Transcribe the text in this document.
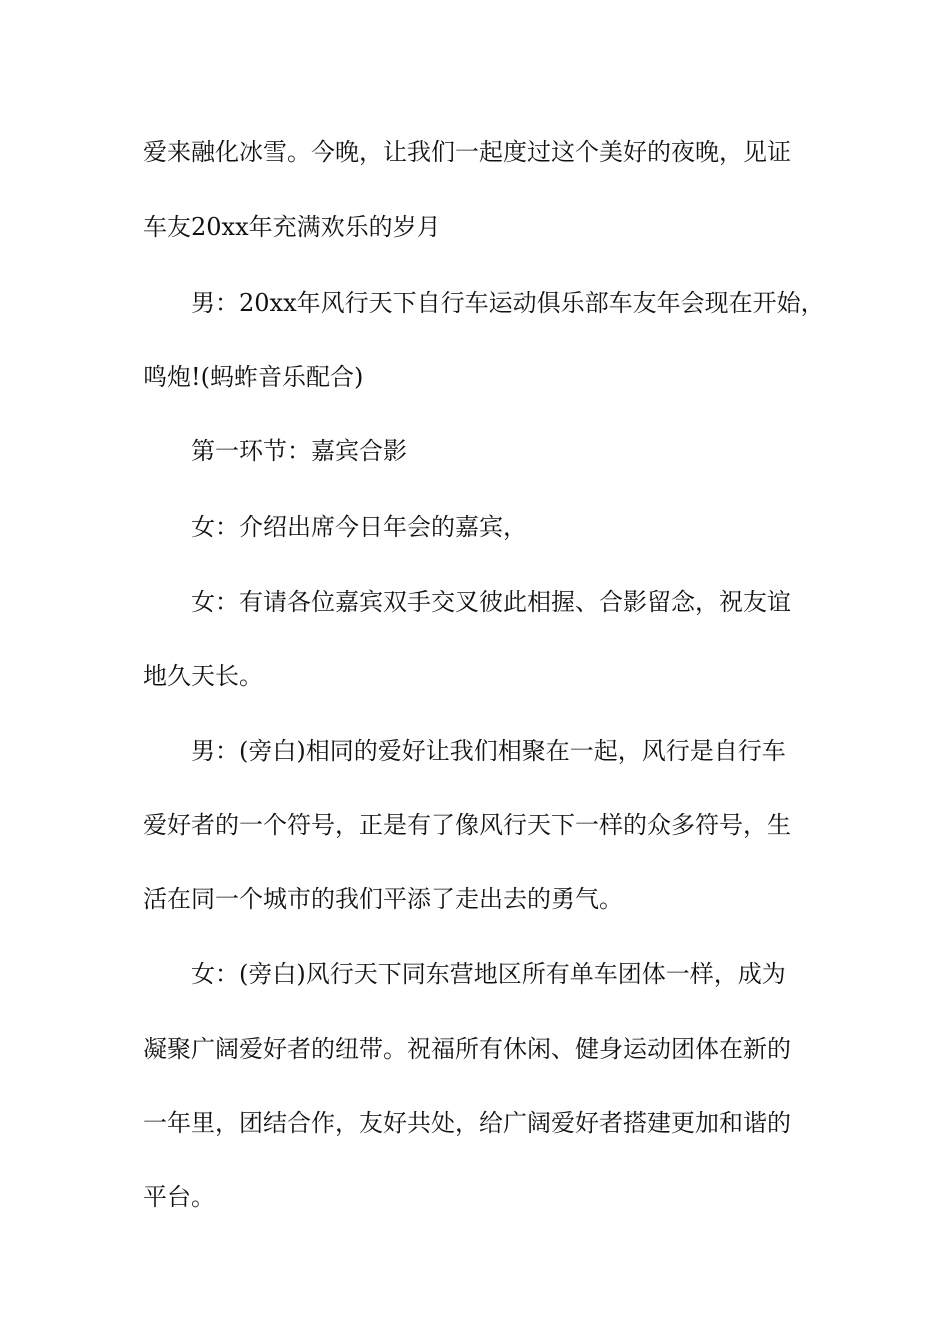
爱来融化冰雪。今晚，让我们一起度过这个美好的夜晚，见证

车友20xx年充满欢乐的岁月

男：20xx年风行天下自行车运动俱乐部车友年会现在开始，

鸣炮!(蚂蚱音乐配合)

第一环节：嘉宾合影

女：介绍出席今日年会的嘉宾，

女：有请各位嘉宾双手交叉彼此相握、合影留念，祝友谊

地久天长。

男：(旁白)相同的爱好让我们相聚在一起，风行是自行车

爱好者的一个符号，正是有了像风行天下一样的众多符号，生

活在同一个城市的我们平添了走出去的勇气。

女：(旁白)风行天下同东营地区所有单车团体一样，成为

凝聚广阔爱好者的纽带。祝福所有休闲、健身运动团体在新的

一年里，团结合作，友好共处，给广阔爱好者搭建更加和谐的

平台。
